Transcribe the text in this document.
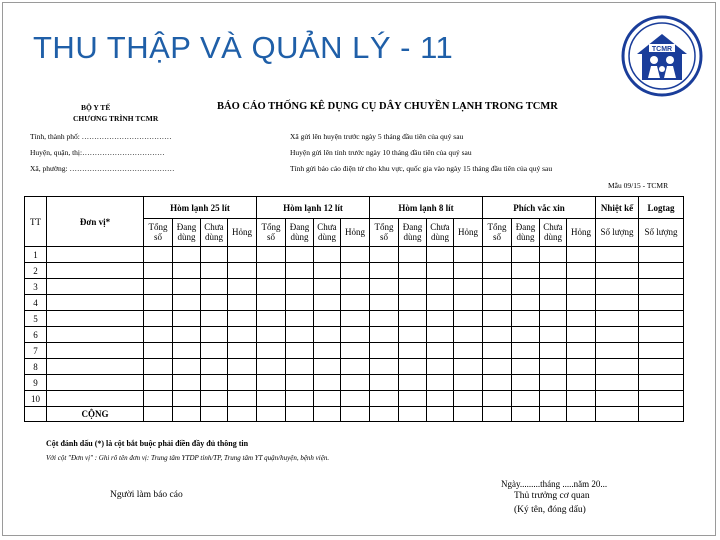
THU THẬP VÀ QUẢN LÝ - 11	TCMR
BỘ Y TẾ
CHƯƠNG TRÌNH TCMR
BÁO CÁO THỐNG KÊ DỤNG CỤ DÂY CHUYỀN LẠNH TRONG TCMR
Tỉnh, thành phố: ………………………………
Huyện, quận, thị:……………………………
Xã, phường: ……………………………………
Xã gửi lên huyện trước ngày 5 tháng đầu tiên của quý sau
Huyện gửi lên tỉnh trước ngày 10 tháng đầu tiên của quý sau
Tỉnh gửi báo cáo điện tử cho khu vực, quốc gia vào ngày 15 tháng đầu tiên của quý sau
Mẫu 09/15 - TCMR
TT	Đơn vị*	Hòm lạnh 25 lít				Hòm lạnh 12 lít				Hòm lạnh 8 lít				Phích vắc xin				Nhiệt kế	Logtag
		Tổng số	Đang dùng	Chưa dùng	Hỏng	Tổng số	Đang dùng	Chưa dùng	Hỏng	Tổng số	Đang dùng	Chưa dùng	Hỏng	Tổng số	Đang dùng	Chưa dùng	Hỏng	Số lượng	Số lượng
1																			
2																			
3																			
4																			
5																			
6																			
7																			
8																			
9																			
10																			
	CỘNG																		
Cột đánh dấu (*) là cột bắt buộc phải điền đầy đủ thông tin
Với cột "Đơn vị" : Ghi rõ tên đơn vị: Trung tâm YTDP tỉnh/TP, Trung tâm YT quận/huyện, bệnh viện.
Ngày.........tháng .....năm 20...
Người làm báo cáo	Thủ trưởng cơ quan
(Ký tên, đóng dấu)
